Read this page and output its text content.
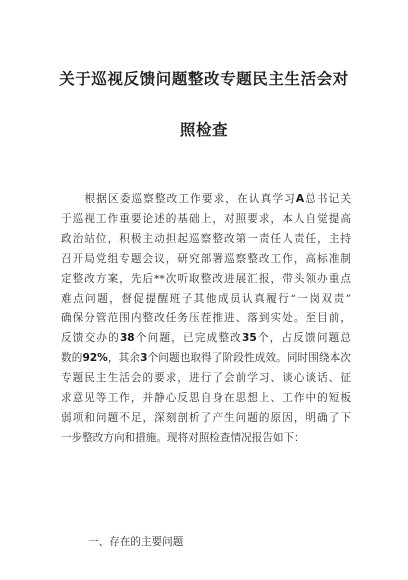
关于巡视反馈问题整改专题民主生活会对
照检查
　　根据区委巡察整改工作要求，在认真学习A总书记关
于巡视工作重要论述的基础上，对照要求，本人自觉提高
政治站位，积极主动担起巡察整改第一责任人责任，主持
召开局党组专题会议，研究部署巡察整改工作，高标准制
定整改方案，先后**次听取整改进展汇报，带头领办重点
难点问题，督促提醒班子其他成员认真履行“一岗双责”
确保分管范围内整改任务压茬推进、落到实处。至目前，
反馈交办的38个问题，已完成整改35个，占反馈问题总
数的92%，其余3个问题也取得了阶段性成效。同时围绕本次
专题民主生活会的要求，进行了会前学习、谈心谈话、征
求意见等工作，并静心反思自身在思想上、工作中的短板
弱项和问题不足，深刻剖析了产生问题的原因，明确了下
一步整改方向和措施。现将对照检查情况报告如下：
一、存在的主要问题
